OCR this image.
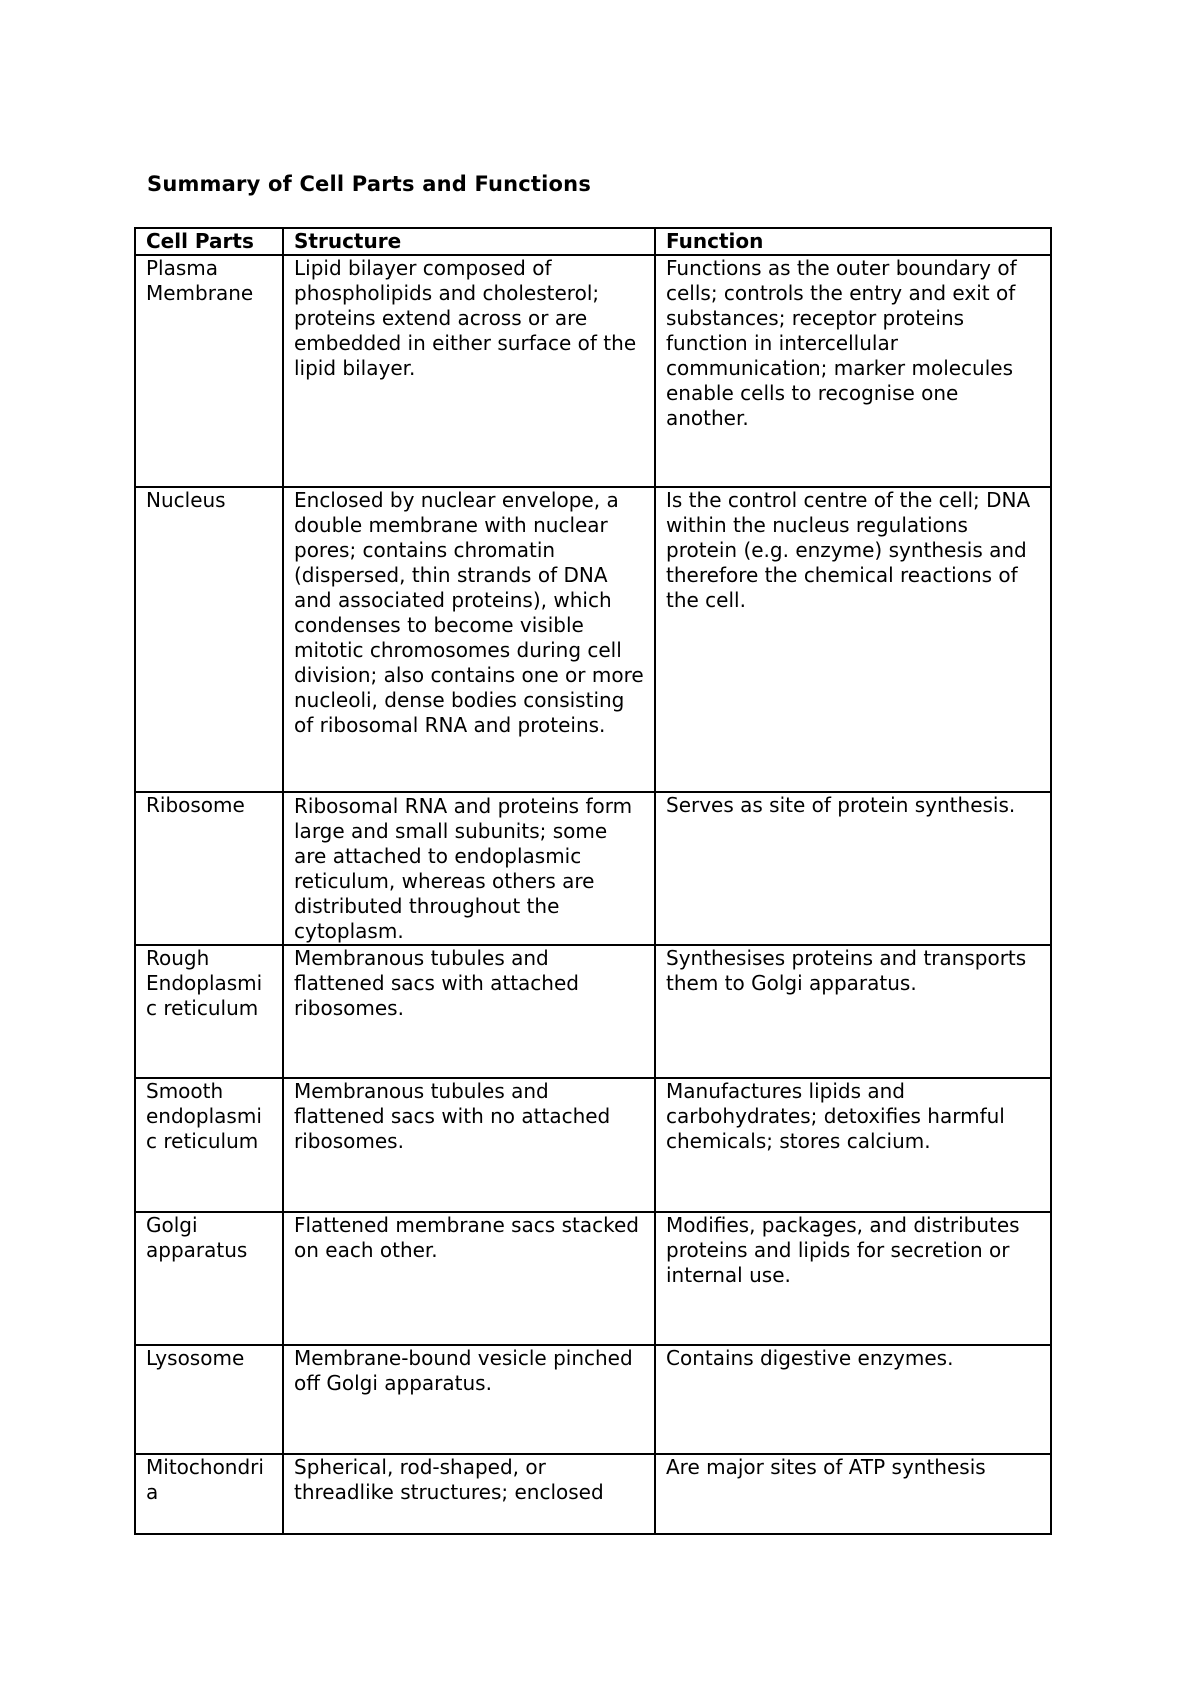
Summary of Cell Parts and Functions
Cell Parts	Structure	Function
Plasma Membrane	Lipid bilayer composed of phospholipids and cholesterol; proteins extend across or are embedded in either surface of the lipid bilayer.	Functions as the outer boundary of cells; controls the entry and exit of substances; receptor proteins function in intercellular communication; marker molecules enable cells to recognise one another.
Nucleus	Enclosed by nuclear envelope, a double membrane with nuclear pores; contains chromatin (dispersed, thin strands of DNA and associated proteins), which condenses to become visible mitotic chromosomes during cell division; also contains one or more nucleoli, dense bodies consisting of ribosomal RNA and proteins.	Is the control centre of the cell; DNA within the nucleus regulations protein (e.g. enzyme) synthesis and therefore the chemical reactions of the cell.
Ribosome	Ribosomal RNA and proteins form large and small subunits; some are attached to endoplasmic reticulum, whereas others are distributed throughout the cytoplasm.	Serves as site of protein synthesis.
Rough Endoplasmic reticulum	Membranous tubules and flattened sacs with attached ribosomes.	Synthesises proteins and transports them to Golgi apparatus.
Smooth endoplasmic reticulum	Membranous tubules and flattened sacs with no attached ribosomes.	Manufactures lipids and carbohydrates; detoxifies harmful chemicals; stores calcium.
Golgi apparatus	Flattened membrane sacs stacked on each other.	Modifies, packages, and distributes proteins and lipids for secretion or internal use.
Lysosome	Membrane-bound vesicle pinched off Golgi apparatus.	Contains digestive enzymes.
Mitochondria	Spherical, rod-shaped, or threadlike structures; enclosed	Are major sites of ATP synthesis
